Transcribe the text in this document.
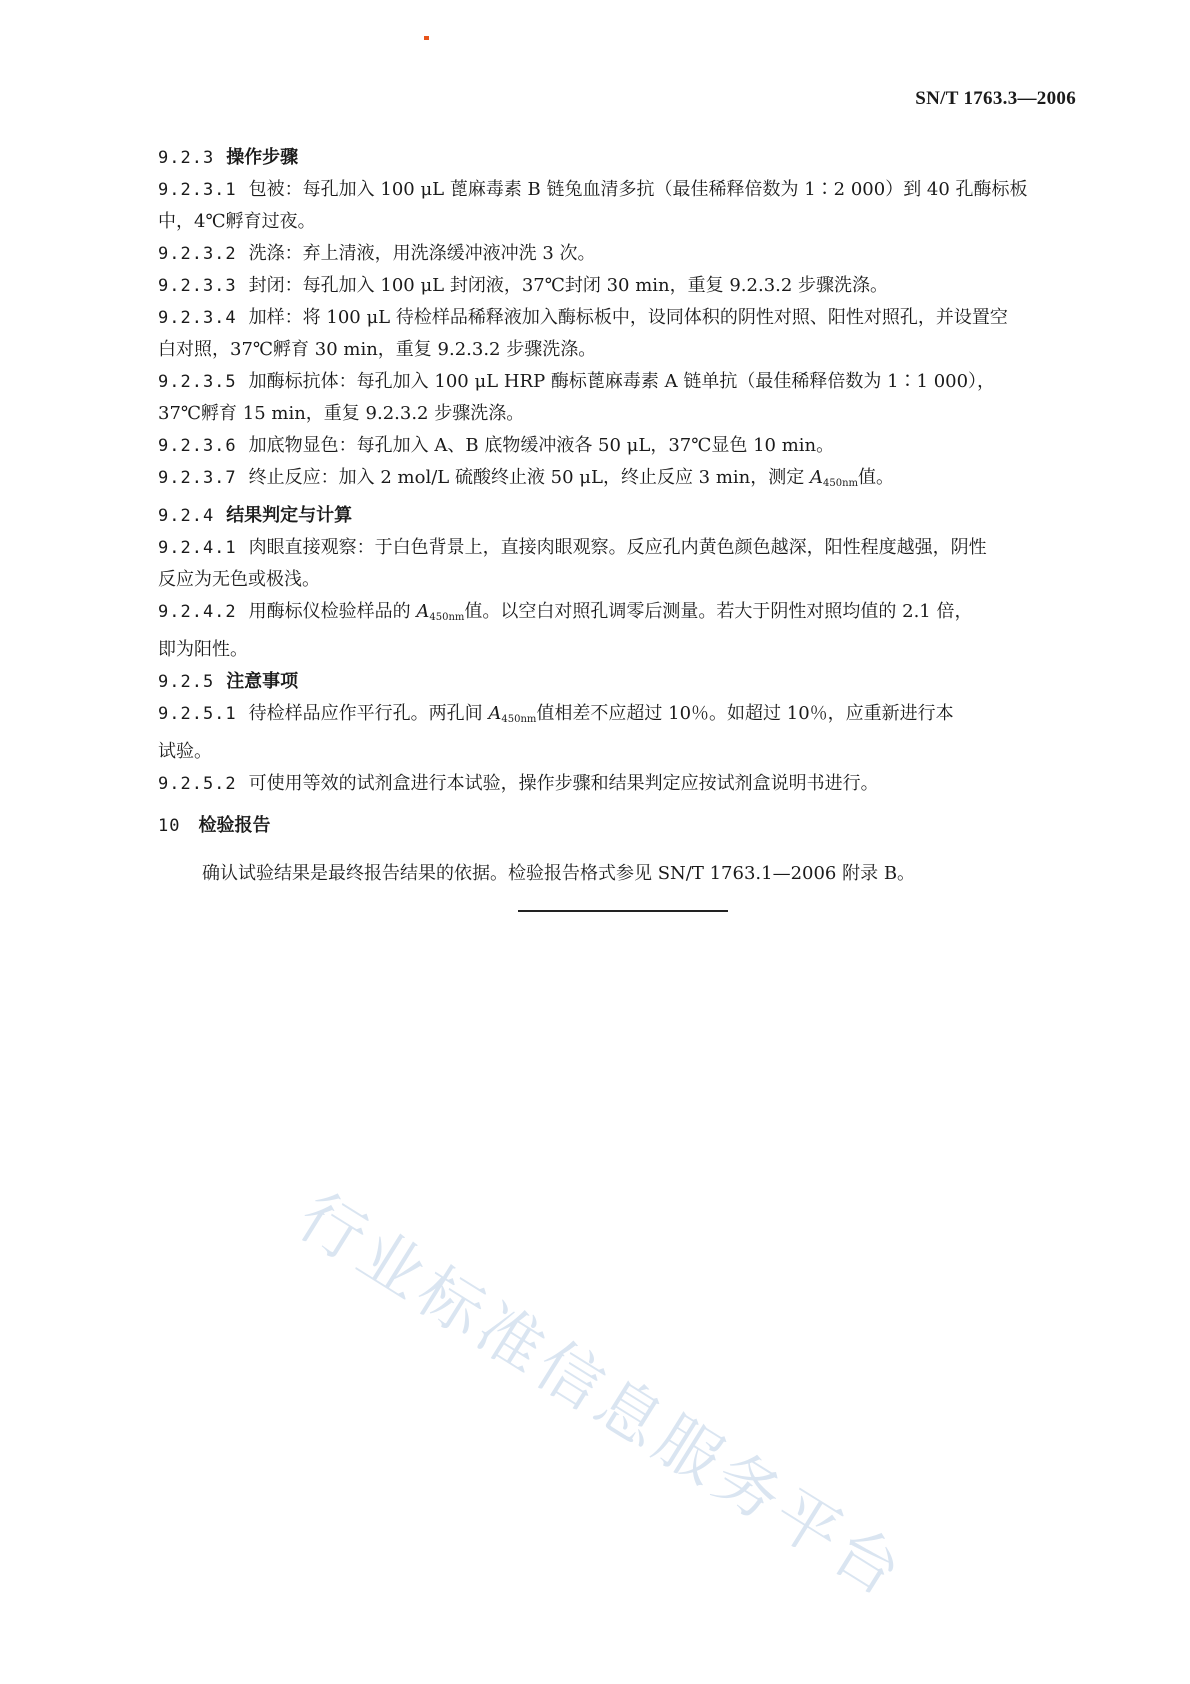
SN/T 1763.3—2006
9.2.3 操作步骤
9.2.3.1 包被：每孔加入 100 μL 蓖麻毒素 B 链兔血清多抗（最佳稀释倍数为 1∶2 000）到 40 孔酶标板
中，4℃孵育过夜。
9.2.3.2 洗涤：弃上清液，用洗涤缓冲液冲洗 3 次。
9.2.3.3 封闭：每孔加入 100 μL 封闭液，37℃封闭 30 min，重复 9.2.3.2 步骤洗涤。
9.2.3.4 加样：将 100 μL 待检样品稀释液加入酶标板中，设同体积的阴性对照、阳性对照孔，并设置空
白对照，37℃孵育 30 min，重复 9.2.3.2 步骤洗涤。
9.2.3.5 加酶标抗体：每孔加入 100 μL HRP 酶标蓖麻毒素 A 链单抗（最佳稀释倍数为 1∶1 000），
37℃孵育 15 min，重复 9.2.3.2 步骤洗涤。
9.2.3.6 加底物显色：每孔加入 A、B 底物缓冲液各 50 μL，37℃显色 10 min。
9.2.3.7 终止反应：加入 2 mol/L 硫酸终止液 50 μL，终止反应 3 min，测定 $A_{450nm}$值。
9.2.4 结果判定与计算
9.2.4.1 肉眼直接观察：于白色背景上，直接肉眼观察。反应孔内黄色颜色越深，阳性程度越强，阴性
反应为无色或极浅。
9.2.4.2 用酶标仪检验样品的 $A_{450nm}$值。以空白对照孔调零后测量。若大于阴性对照均值的 2.1 倍，
即为阳性。
9.2.5 注意事项
9.2.5.1 待检样品应作平行孔。两孔间 $A_{450nm}$值相差不应超过 10％。如超过 10％，应重新进行本
试验。
9.2.5.2 可使用等效的试剂盒进行本试验，操作步骤和结果判定应按试剂盒说明书进行。
10 检验报告
确认试验结果是最终报告结果的依据。检验报告格式参见 SN/T 1763.1—2006 附录 B。
行业标准信息服务平台
